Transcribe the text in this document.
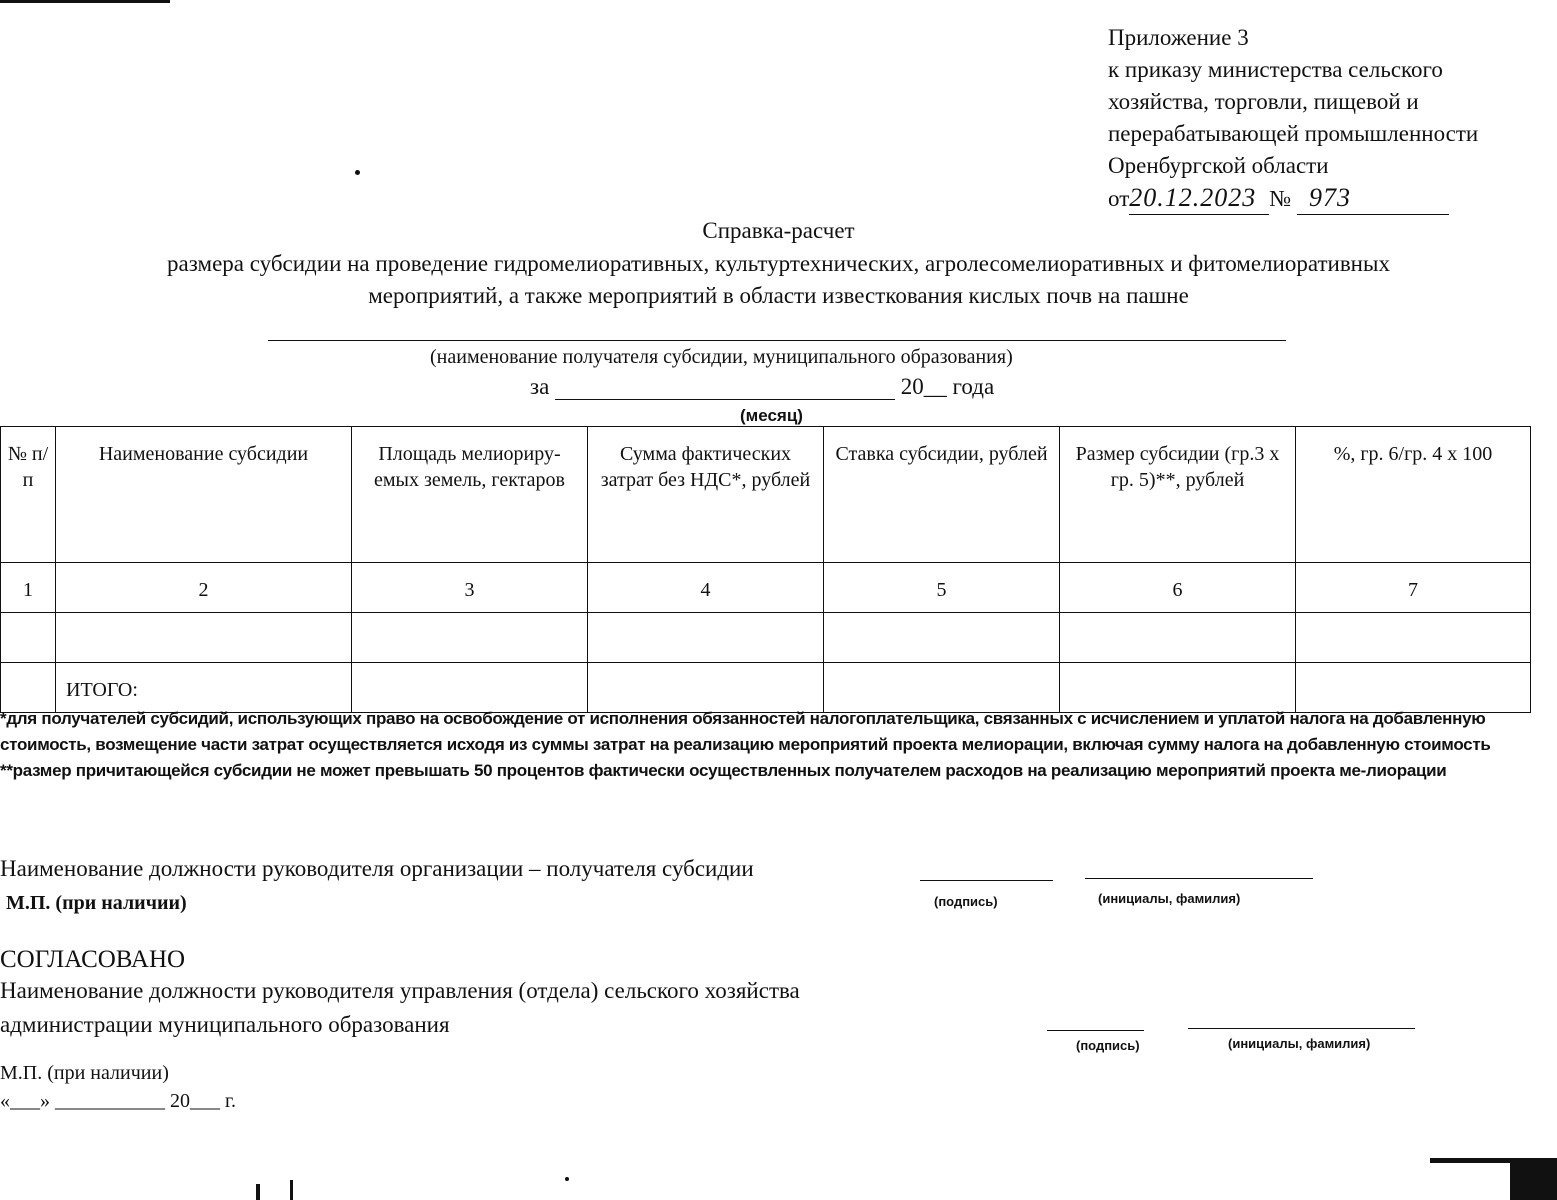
Приложение 3
к приказу министерства сельского
хозяйства, торговли, пищевой и
перерабатывающей промышленности
Оренбургской области
от20.12.2023 № 973
Справка-расчет
размера субсидии на проведение гидромелиоративных, культуртехнических, агролесомелиоративных и фитомелиоративных
мероприятий, а также мероприятий в области известкования кислых почв на пашне
(наименование получателя субсидии, муниципального образования)
за	20__ года
(месяц)
№ п/п	Наименование субсидии	Площадь мелиориру-емых земель, гектаров	Сумма фактических затрат без НДС*, рублей	Ставка субсидии, рублей	Размер субсидии (гр.3 х гр. 5)**, рублей	%, гр. 6/гр. 4 х 100
1	2	3	4	5	6	7

	ИТОГО:					
*для получателей субсидий, использующих право на освобождение от исполнения обязанностей налогоплательщика, связанных с исчислением и уплатой налога на добавленную стоимость, возмещение части затрат осуществляется исходя из суммы затрат на реализацию мероприятий проекта мелиорации, включая сумму налога на добавленную стоимость
**размер причитающейся субсидии не может превышать 50 процентов фактически осуществленных получателем расходов на реализацию мероприятий проекта ме-лиорации
Наименование должности руководителя организации – получателя субсидии
М.П. (при наличии)	(подпись)	(инициалы, фамилия)
СОГЛАСОВАНО
Наименование должности руководителя управления (отдела) сельского хозяйства
администрации муниципального образования
(подпись)	(инициалы, фамилия)
М.П. (при наличии)
«___» ___________ 20___ г.
